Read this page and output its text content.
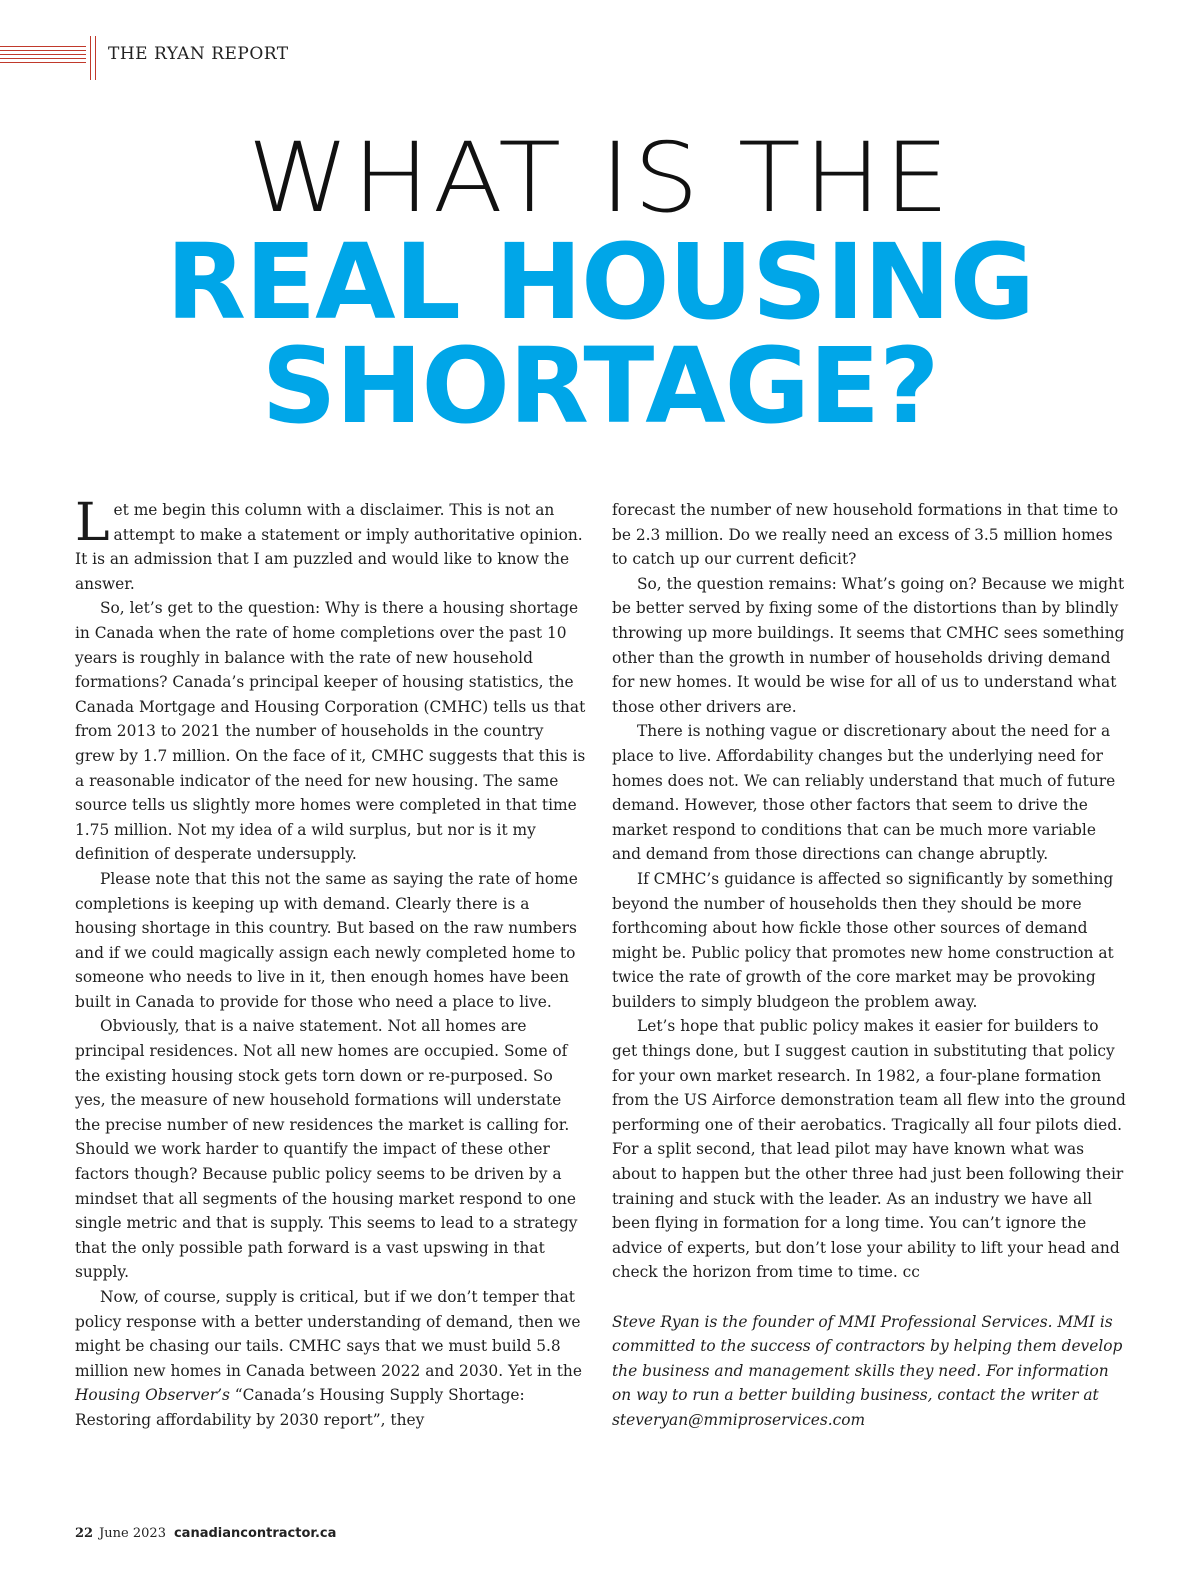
THE RYAN REPORT
WHAT IS THE
REAL HOUSING
SHORTAGE?

Let me begin this column with a disclaimer. This is not an attempt to make a statement or imply authoritative opinion. It is an admission that I am puzzled and would like to know the answer.

So, let’s get to the question: Why is there a housing shortage in Canada when the rate of home completions over the past 10 years is roughly in balance with the rate of new household formations? Canada’s principal keeper of housing statistics, the Canada Mortgage and Housing Corporation (CMHC) tells us that from 2013 to 2021 the number of households in the country grew by 1.7 million. On the face of it, CMHC suggests that this is a reasonable indicator of the need for new housing. The same source tells us slightly more homes were completed in that time 1.75 million. Not my idea of a wild surplus, but nor is it my definition of desperate undersupply.

Please note that this not the same as saying the rate of home completions is keeping up with demand. Clearly there is a housing shortage in this country. But based on the raw numbers and if we could magically assign each newly completed home to someone who needs to live in it, then enough homes have been built in Canada to provide for those who need a place to live.

Obviously, that is a naive statement. Not all homes are principal residences. Not all new homes are occupied. Some of the existing housing stock gets torn down or re-purposed. So yes, the measure of new household formations will understate the precise number of new residences the market is calling for. Should we work harder to quantify the impact of these other factors though? Because public policy seems to be driven by a mindset that all segments of the housing market respond to one single metric and that is supply. This seems to lead to a strategy that the only possible path forward is a vast upswing in that supply.

Now, of course, supply is critical, but if we don’t temper that policy response with a better understanding of demand, then we might be chasing our tails. CMHC says that we must build 5.8 million new homes in Canada between 2022 and 2030. Yet in the Housing Observer’s “Canada’s Housing Supply Shortage: Restoring affordability by 2030 report”, they

forecast the number of new household formations in that time to be 2.3 million. Do we really need an excess of 3.5 million homes to catch up our current deficit?

So, the question remains: What’s going on? Because we might be better served by fixing some of the distortions than by blindly throwing up more buildings. It seems that CMHC sees something other than the growth in number of households driving demand for new homes. It would be wise for all of us to understand what those other drivers are.

There is nothing vague or discretionary about the need for a place to live. Affordability changes but the underlying need for homes does not. We can reliably understand that much of future demand. However, those other factors that seem to drive the market respond to conditions that can be much more variable and demand from those directions can change abruptly.

If CMHC’s guidance is affected so significantly by something beyond the number of households then they should be more forthcoming about how fickle those other sources of demand might be. Public policy that promotes new home construction at twice the rate of growth of the core market may be provoking builders to simply bludgeon the problem away.

Let’s hope that public policy makes it easier for builders to get things done, but I suggest caution in substituting that policy for your own market research. In 1982, a four-plane formation from the US Airforce demonstration team all flew into the ground performing one of their aerobatics. Tragically all four pilots died. For a split second, that lead pilot may have known what was about to happen but the other three had just been following their training and stuck with the leader. As an industry we have all been flying in formation for a long time. You can’t ignore the advice of experts, but don’t lose your ability to lift your head and check the horizon from time to time. cc

Steve Ryan is the founder of MMI Professional Services. MMI is committed to the success of contractors by helping them develop the business and management skills they need. For information on way to run a better building business, contact the writer at steveryan@mmiproservices.com

22 June 2023 canadiancontractor.ca
